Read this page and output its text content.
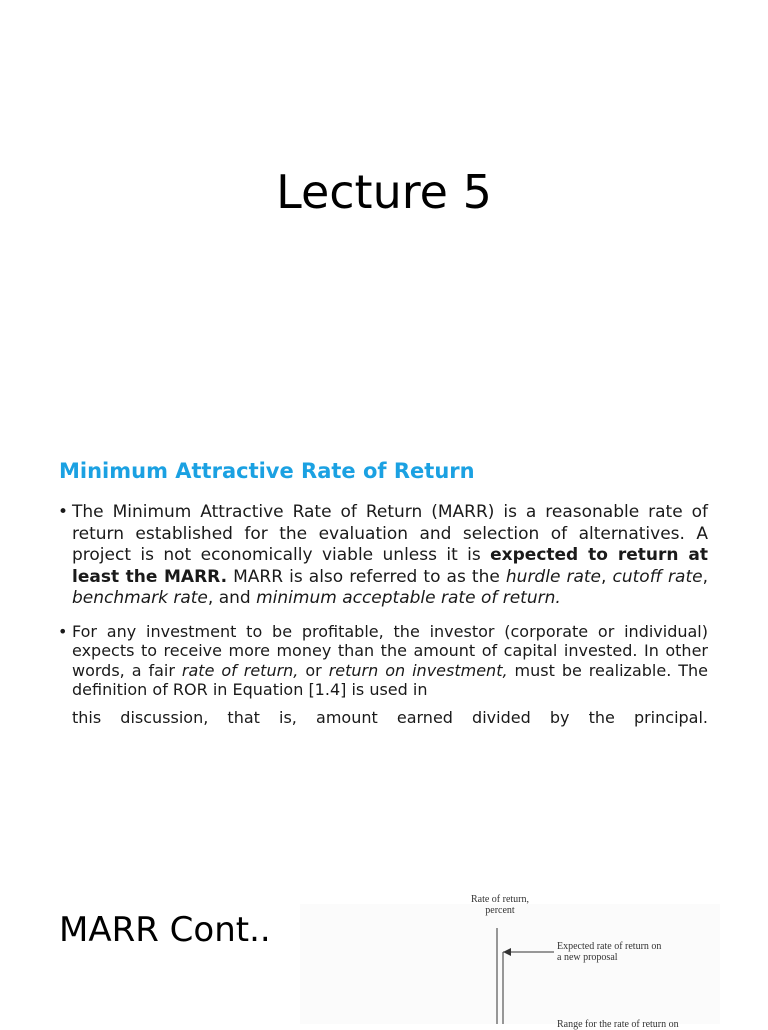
Lecture 5
Minimum Attractive Rate of Return
• The Minimum Attractive Rate of Return (MARR) is a reasonable rate of return established for the evaluation and selection of alternatives. A project is not economically viable unless it is expected to return at least the MARR. MARR is also referred to as the hurdle rate, cutoff rate, benchmark rate, and minimum acceptable rate of return.
• For any investment to be profitable, the investor (corporate or individual) expects to receive more money than the amount of capital invested. In other words, a fair rate of return, or return on investment, must be realizable. The definition of ROR in Equation [1.4] is used in
this discussion, that is, amount earned divided by the principal.
MARR Cont..
Rate of return,
percent
Expected rate of return on
a new proposal
Range for the rate of return on
